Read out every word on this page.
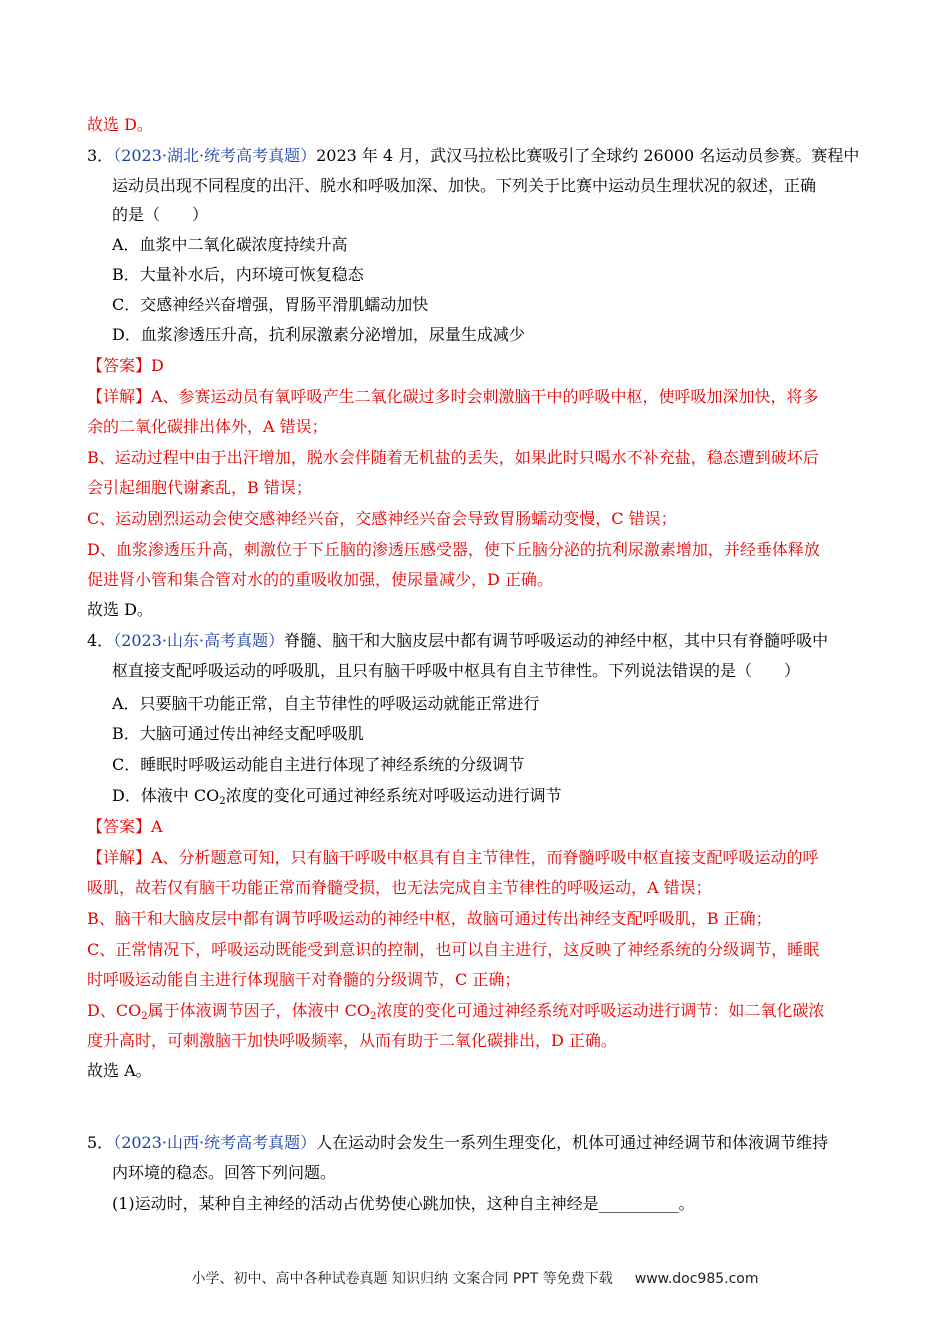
故选 D。
3．（2023·湖北·统考高考真题）2023 年 4 月，武汉马拉松比赛吸引了全球约 26000 名运动员参赛。赛程中
运动员出现不同程度的出汗、脱水和呼吸加深、加快。下列关于比赛中运动员生理状况的叙述，正确
的是（　　）
A．血浆中二氧化碳浓度持续升高
B．大量补水后，内环境可恢复稳态
C．交感神经兴奋增强，胃肠平滑肌蠕动加快
D．血浆渗透压升高，抗利尿激素分泌增加，尿量生成减少
【答案】D
【详解】A、参赛运动员有氧呼吸产生二氧化碳过多时会刺激脑干中的呼吸中枢，使呼吸加深加快，将多
余的二氧化碳排出体外，A 错误；
B、运动过程中由于出汗增加，脱水会伴随着无机盐的丢失，如果此时只喝水不补充盐，稳态遭到破坏后
会引起细胞代谢紊乱，B 错误；
C、运动剧烈运动会使交感神经兴奋，交感神经兴奋会导致胃肠蠕动变慢，C 错误；
D、血浆渗透压升高，刺激位于下丘脑的渗透压感受器，使下丘脑分泌的抗利尿激素增加，并经垂体释放
促进肾小管和集合管对水的的重吸收加强，使尿量减少，D 正确。
故选 D。
4．（2023·山东·高考真题）脊髓、脑干和大脑皮层中都有调节呼吸运动的神经中枢，其中只有脊髓呼吸中
枢直接支配呼吸运动的呼吸肌，且只有脑干呼吸中枢具有自主节律性。下列说法错误的是（　　）
A．只要脑干功能正常，自主节律性的呼吸运动就能正常进行
B．大脑可通过传出神经支配呼吸肌
C．睡眠时呼吸运动能自主进行体现了神经系统的分级调节
D．体液中 $CO_2$浓度的变化可通过神经系统对呼吸运动进行调节
【答案】A
【详解】A、分析题意可知，只有脑干呼吸中枢具有自主节律性，而脊髓呼吸中枢直接支配呼吸运动的呼
吸肌，故若仅有脑干功能正常而脊髓受损，也无法完成自主节律性的呼吸运动，A 错误；
B、脑干和大脑皮层中都有调节呼吸运动的神经中枢，故脑可通过传出神经支配呼吸肌，B 正确；
C、正常情况下，呼吸运动既能受到意识的控制，也可以自主进行，这反映了神经系统的分级调节，睡眠
时呼吸运动能自主进行体现脑干对脊髓的分级调节，C 正确；
D、$CO_2$属于体液调节因子，体液中 $CO_2$浓度的变化可通过神经系统对呼吸运动进行调节：如二氧化碳浓
度升高时，可刺激脑干加快呼吸频率，从而有助于二氧化碳排出，D 正确。
故选 A。
5．（2023·山西·统考高考真题）人在运动时会发生一系列生理变化，机体可通过神经调节和体液调节维持
内环境的稳态。回答下列问题。
(1)运动时，某种自主神经的活动占优势使心跳加快，这种自主神经是__________。
小学、初中、高中各种试卷真题 知识归纳 文案合同 PPT 等免费下载 www.doc985.com
